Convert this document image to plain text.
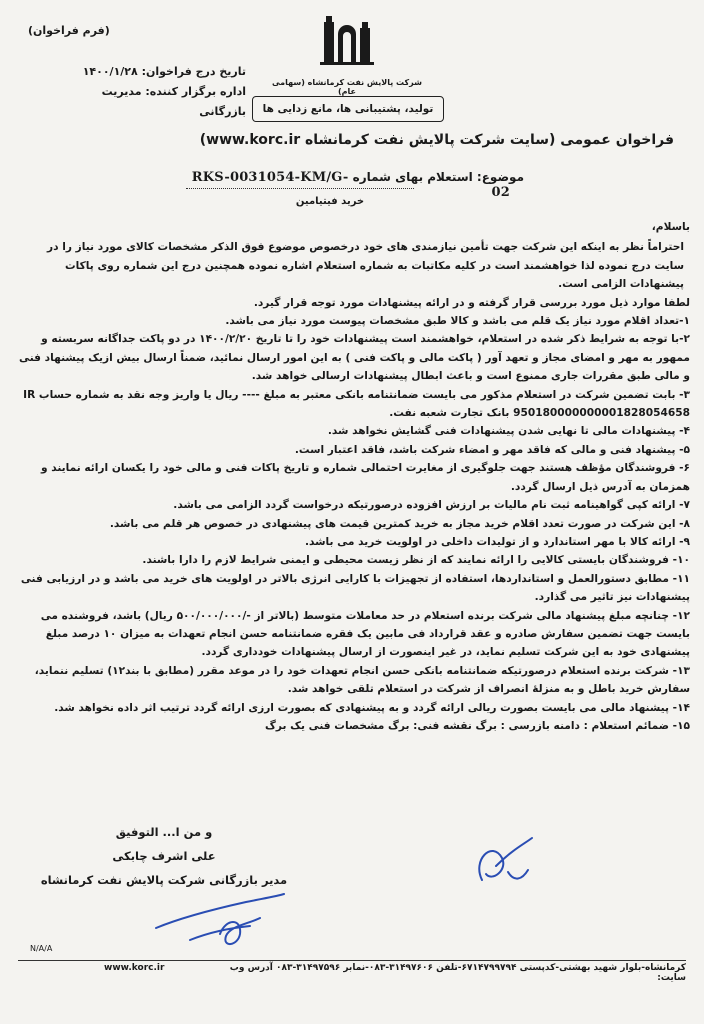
(فرم فراخوان)
شرکت پالایش نفت کرمانشاه (سهامی عام)
تولید، پشتیبانی ها، مانع زدایی ها
تاریخ درج فراخوان: ۱۴۰۰/۱/۲۸
اداره برگزار کننده: مدیریت بازرگانی
فراخوان عمومی (سایت شرکت پالایش نفت کرمانشاه www.korc.ir)
موضوع: استعلام بهای شماره RKS-0031054-KM/G-02
خرید فیتیامین

باسلام،

احتراماً نظر به اینکه این شرکت جهت تأمین نیازمندی های خود درخصوص موضوع فوق الذکر مشخصات کالای مورد نیاز را در سایت درج نموده لذا خواهشمند است در کلیه مکاتبات به شماره استعلام اشاره نموده همچنین درج این شماره روی پاکات پیشنهادات الزامی است.

لطفا موارد ذیل مورد بررسی قرار گرفته و در ارائه پیشنهادات مورد توجه قرار گیرد.

۱-تعداد اقلام مورد نیاز یک قلم می باشد و کالا طبق مشخصات پیوست مورد نیاز می باشد.

۲-با توجه به شرایط ذکر شده در استعلام، خواهشمند است پیشنهادات خود را تا تاریخ ۱۴۰۰/۲/۲۰ در دو پاکت جداگانه سربسته و ممهور به مهر و امضای مجاز و تعهد آور ( پاکت مالی و پاکت فنی ) به این امور ارسال نمائید، ضمناً ارسال بیش ازیک پیشنهاد فنی و مالی طبق مقررات جاری ممنوع است و باعث ابطال پیشنهادات ارسالی خواهد شد.

۳- بابت تضمین شرکت در استعلام مذکور می بایست ضمانتنامه بانکی معتبر به مبلغ ---- ریال یا واریز وجه نقد به شماره حساب IR 950180000000001828054658 بانک تجارت شعبه نفت.

۴- پیشنهادات مالی تا نهایی شدن پیشنهادات فنی گشایش نخواهد شد.

۵- پیشنهاد فنی و مالی که فاقد مهر و امضاء شرکت باشد، فاقد اعتبار است.

۶- فروشندگان مؤظف هستند جهت جلوگیری از مغایرت احتمالی شماره و تاریخ پاکات فنی و مالی خود را یکسان ارائه نمایند و همزمان به آدرس ذیل ارسال گردد.

۷- ارائه کپی گواهینامه ثبت نام مالیات بر ارزش افزوده درصورتیکه درخواست گردد الزامی می باشد.

۸- این شرکت در صورت تعدد اقلام خرید مجاز به خرید کمترین قیمت های پیشنهادی در خصوص هر قلم می باشد.

۹- ارائه کالا با مهر استاندارد و از تولیدات داخلی در اولویت خرید می باشد.

۱۰- فروشندگان بایستی کالایی را ارائه نمایند که از نظر زیست محیطی و ایمنی شرایط لازم را دارا باشند.

۱۱- مطابق دستورالعمل و استانداردها، استفاده از تجهیزات با کارایی انرژی بالاتر در اولویت های خرید می باشد و در ارزیابی فنی پیشنهادات نیز تاثیر می گذارد.

۱۲- چنانچه مبلغ پیشنهاد مالی شرکت برنده استعلام در حد معاملات متوسط (بالاتر از -/۵۰۰/۰۰۰/۰۰۰ ریال) باشد، فروشنده می بایست جهت تضمین سفارش صادره و عقد قرارداد فی مابین یک فقره ضمانتنامه حسن انجام تعهدات به میزان ۱۰ درصد مبلغ پیشنهادی خود به این شرکت تسلیم نماید، در غیر اینصورت از ارسال پیشنهادات خودداری گردد.

۱۳- شرکت برنده استعلام درصورتیکه ضمانتنامه بانکی حسن انجام تعهدات خود را در موعد مقرر (مطابق با بند۱۲) تسلیم ننماید، سفارش خرید باطل و به منزلهٔ انصراف از شرکت در استعلام تلقی خواهد شد.

۱۴- پیشنهاد مالی می بایست بصورت ریالی ارائه گردد و به پیشنهادی که بصورت ارزی ارائه گردد ترتیب اثر داده نخواهد شد.

۱۵- ضمائم استعلام : دامنه بازرسی : برگ نقشه فنی: برگ مشخصات فنی یک برگ

و من ا... التوفیق
علی اشرف چابکی
مدیر بازرگانی شرکت پالایش نفت کرمانشاه
N/A/A
www.korc.ir	کرمانشاه-بلوار شهید بهشتی-کدپستی ۶۷۱۴۷۹۹۷۹۴-تلفن ۳۱۴۹۷۶۰۶-۰۸۳-نمابر ۳۱۴۹۷۵۹۶-۰۸۳ آدرس وب سایت:
